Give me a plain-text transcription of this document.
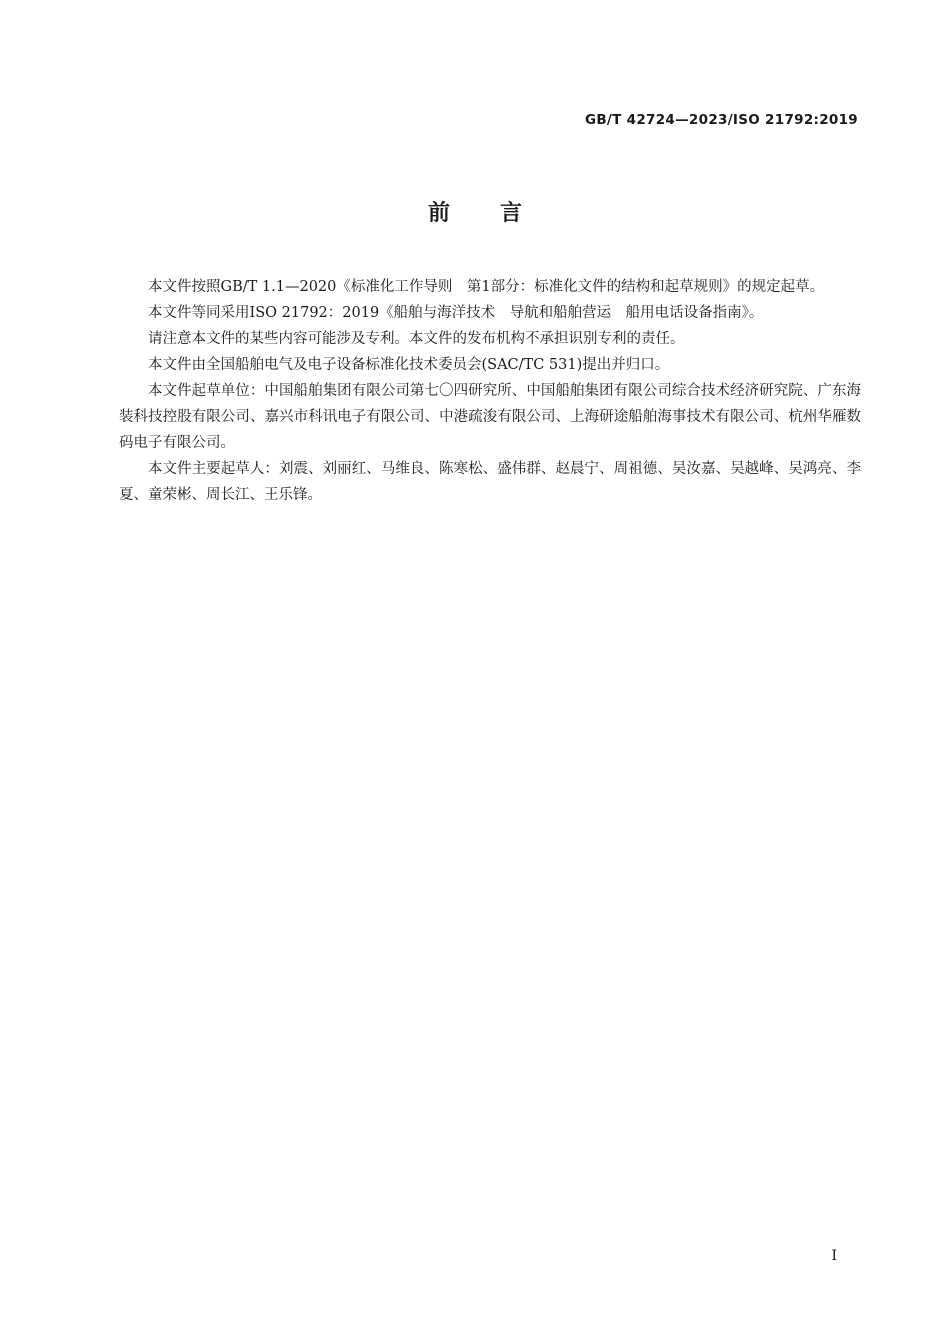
GB/T 42724—2023/ISO 21792:2019
前言

本文件按照GB/T 1.1—2020《标准化工作导则　第1部分：标准化文件的结构和起草规则》的规定起草。

本文件等同采用ISO 21792：2019《船舶与海洋技术　导航和船舶营运　船用电话设备指南》。

请注意本文件的某些内容可能涉及专利。本文件的发布机构不承担识别专利的责任。

本文件由全国船舶电气及电子设备标准化技术委员会(SAC/TC 531)提出并归口。

本文件起草单位：中国船舶集团有限公司第七〇四研究所、中国船舶集团有限公司综合技术经济研究院、广东海装科技控股有限公司、嘉兴市科讯电子有限公司、中港疏浚有限公司、上海研途船舶海事技术有限公司、杭州华雁数码电子有限公司。

本文件主要起草人：刘震、刘丽红、马维良、陈寒松、盛伟群、赵晨宁、周祖德、吴汝嘉、吴越峰、吴鸿亮、李夏、童荣彬、周长江、王乐锋。

I
